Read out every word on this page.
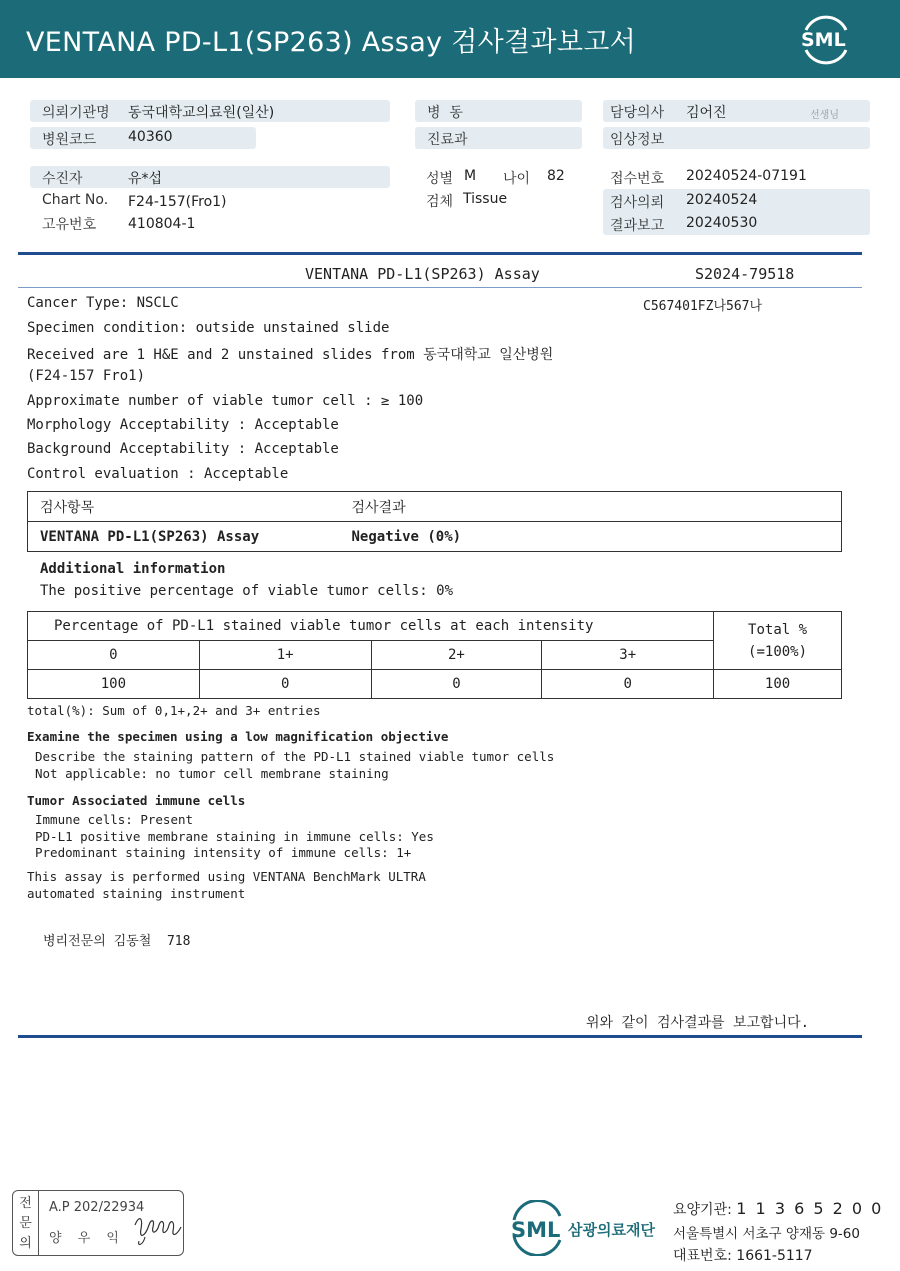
VENTANA PD-L1(SP263) Assay 검사결과보고서	SML
의뢰기관명 동국대학교의료원(일산)
병원코드 40360
병  동
진료과
담당의사 김어진	선생님
임상정보
수진자	유*섭
Chart No. F24-157(Fro1)
고유번호 410804-1
성별 M 나이 82
검체 Tissue
접수번호 20240524-07191
검사의뢰 20240524
결과보고 20240530
VENTANA PD-L1(SP263) Assay	S2024-79518
C567401FZ나567나
Cancer Type: NSCLC
Specimen condition: outside unstained slide
Received are 1 H&E and 2 unstained slides from 동국대학교 일산병원
(F24-157 Fro1)
Approximate number of viable tumor cell : ≥ 100
Morphology Acceptability : Acceptable
Background Acceptability : Acceptable
Control evaluation : Acceptable
검사항목	검사결과
VENTANA PD-L1(SP263) Assay	Negative (0%)
Additional information
The positive percentage of viable tumor cells: 0%
Percentage of PD-L1 stained viable tumor cells at each intensity				Total %
(=100%)

0	1+	2+	3+	
100	0	0	0	100
total(%): Sum of 0,1+,2+ and 3+ entries
Examine the specimen using a low magnification objective
Describe the staining pattern of the PD-L1 stained viable tumor cells
Not applicable: no tumor cell membrane staining
Tumor Associated immune cells
Immune cells: Present
PD-L1 positive membrane staining in immune cells: Yes
Predominant staining intensity of immune cells: 1+
This assay is performed using VENTANA BenchMark ULTRA
automated staining instrument
병리전문의 김동철  718
위와 같이 검사결과를 보고합니다.
전
문
의
A.P 202/22934
양 우 익	SML 삼광의료재단
요양기관: 1 1 3 6 5 2 0 0
서울특별시 서초구 양재동 9-60
대표번호: 1661-5117
